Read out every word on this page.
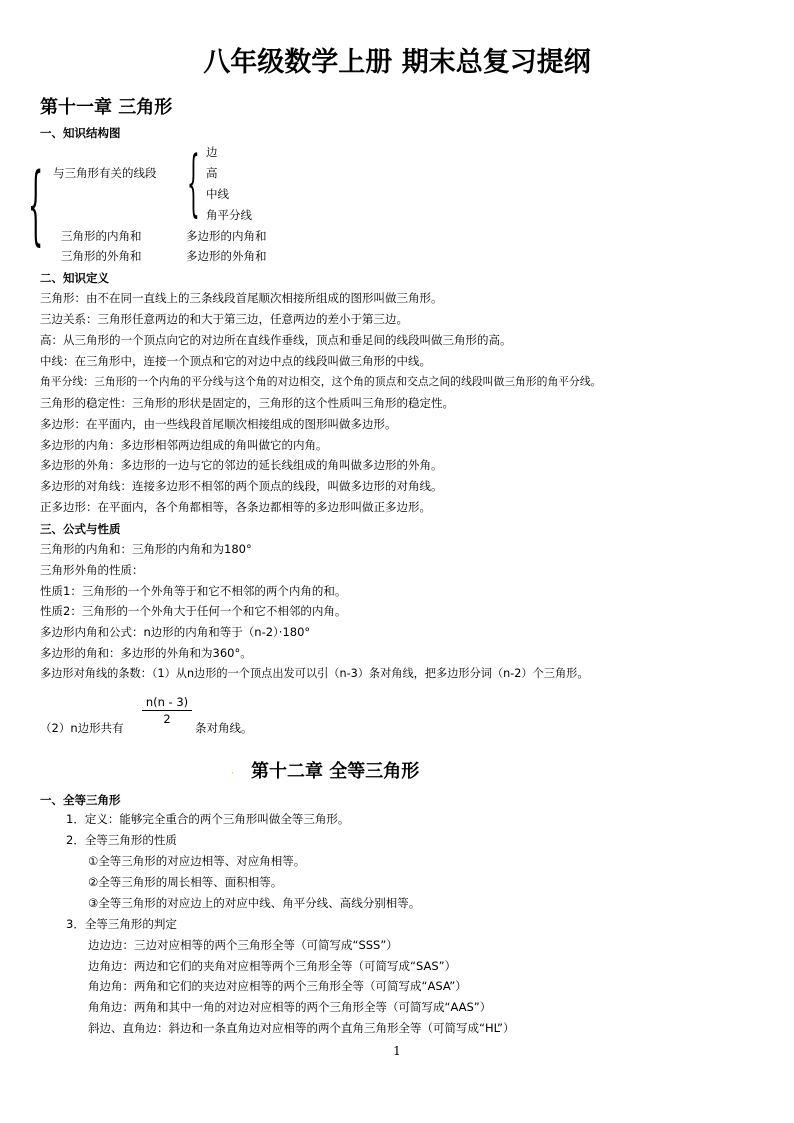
八年级数学上册 期末总复习提纲
第十一章 三角形
一、知识结构图
{ 与三角形有关的线段 { 边
高
中线
角平分线
三角形的内角和	多边形的内角和
三角形的外角和	多边形的外角和
二、知识定义
三角形：由不在同一直线上的三条线段首尾顺次相接所组成的图形叫做三角形。
三边关系：三角形任意两边的和大于第三边，任意两边的差小于第三边。
高：从三角形的一个顶点向它的对边所在直线作垂线，顶点和垂足间的线段叫做三角形的高。
中线：在三角形中，连接一个顶点和它的对边中点的线段叫做三角形的中线。
角平分线：三角形的一个内角的平分线与这个角的对边相交，这个角的顶点和交点之间的线段叫做三角形的角平分线。
三角形的稳定性：三角形的形状是固定的，三角形的这个性质叫三角形的稳定性。
多边形：在平面内，由一些线段首尾顺次相接组成的图形叫做多边形。
多边形的内角：多边形相邻两边组成的角叫做它的内角。
多边形的外角：多边形的一边与它的邻边的延长线组成的角叫做多边形的外角。
多边形的对角线：连接多边形不相邻的两个顶点的线段，叫做多边形的对角线。
正多边形：在平面内，各个角都相等，各条边都相等的多边形叫做正多边形。
三、公式与性质
三角形的内角和：三角形的内角和为180°
三角形外角的性质：
性质1：三角形的一个外角等于和它不相邻的两个内角的和。
性质2：三角形的一个外角大于任何一个和它不相邻的内角。
多边形内角和公式：n边形的内角和等于（n-2）·180°
多边形的角和：多边形的外角和为360°。
多边形对角线的条数：（1）从n边形的一个顶点出发可以引（n-3）条对角线，把多边形分词（n-2）个三角形。
（2）n边形共有
n(n - 3)
2
条对角线。
. 第十二章 全等三角形
一、全等三角形
1．定义：能够完全重合的两个三角形叫做全等三角形。
2．全等三角形的性质
①全等三角形的对应边相等、对应角相等。
②全等三角形的周长相等、面积相等。
③全等三角形的对应边上的对应中线、角平分线、高线分别相等。
3．全等三角形的判定
边边边：三边对应相等的两个三角形全等（可简写成“SSS”）
边角边：两边和它们的夹角对应相等两个三角形全等（可简写成“SAS”）
角边角：两角和它们的夹边对应相等的两个三角形全等（可简写成“ASA”）
角角边：两角和其中一角的对边对应相等的两个三角形全等（可简写成“AAS”）
斜边、直角边：斜边和一条直角边对应相等的两个直角三角形全等（可简写成“HL”）
1
